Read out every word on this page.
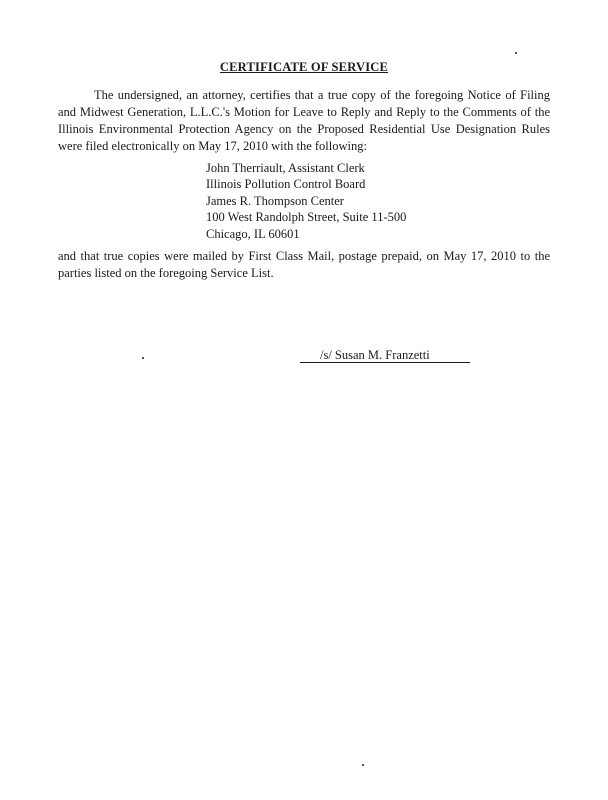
CERTIFICATE OF SERVICE
The undersigned, an attorney, certifies that a true copy of the foregoing Notice of Filing and Midwest Generation, L.L.C.'s Motion for Leave to Reply and Reply to the Comments of the Illinois Environmental Protection Agency on the Proposed Residential Use Designation Rules were filed electronically on May 17, 2010 with the following:
John Therriault, Assistant Clerk
Illinois Pollution Control Board
James R. Thompson Center
100 West Randolph Street, Suite 11-500
Chicago, IL 60601
and that true copies were mailed by First Class Mail, postage prepaid, on May 17, 2010 to the parties listed on the foregoing Service List.
/s/ Susan M. Franzetti
